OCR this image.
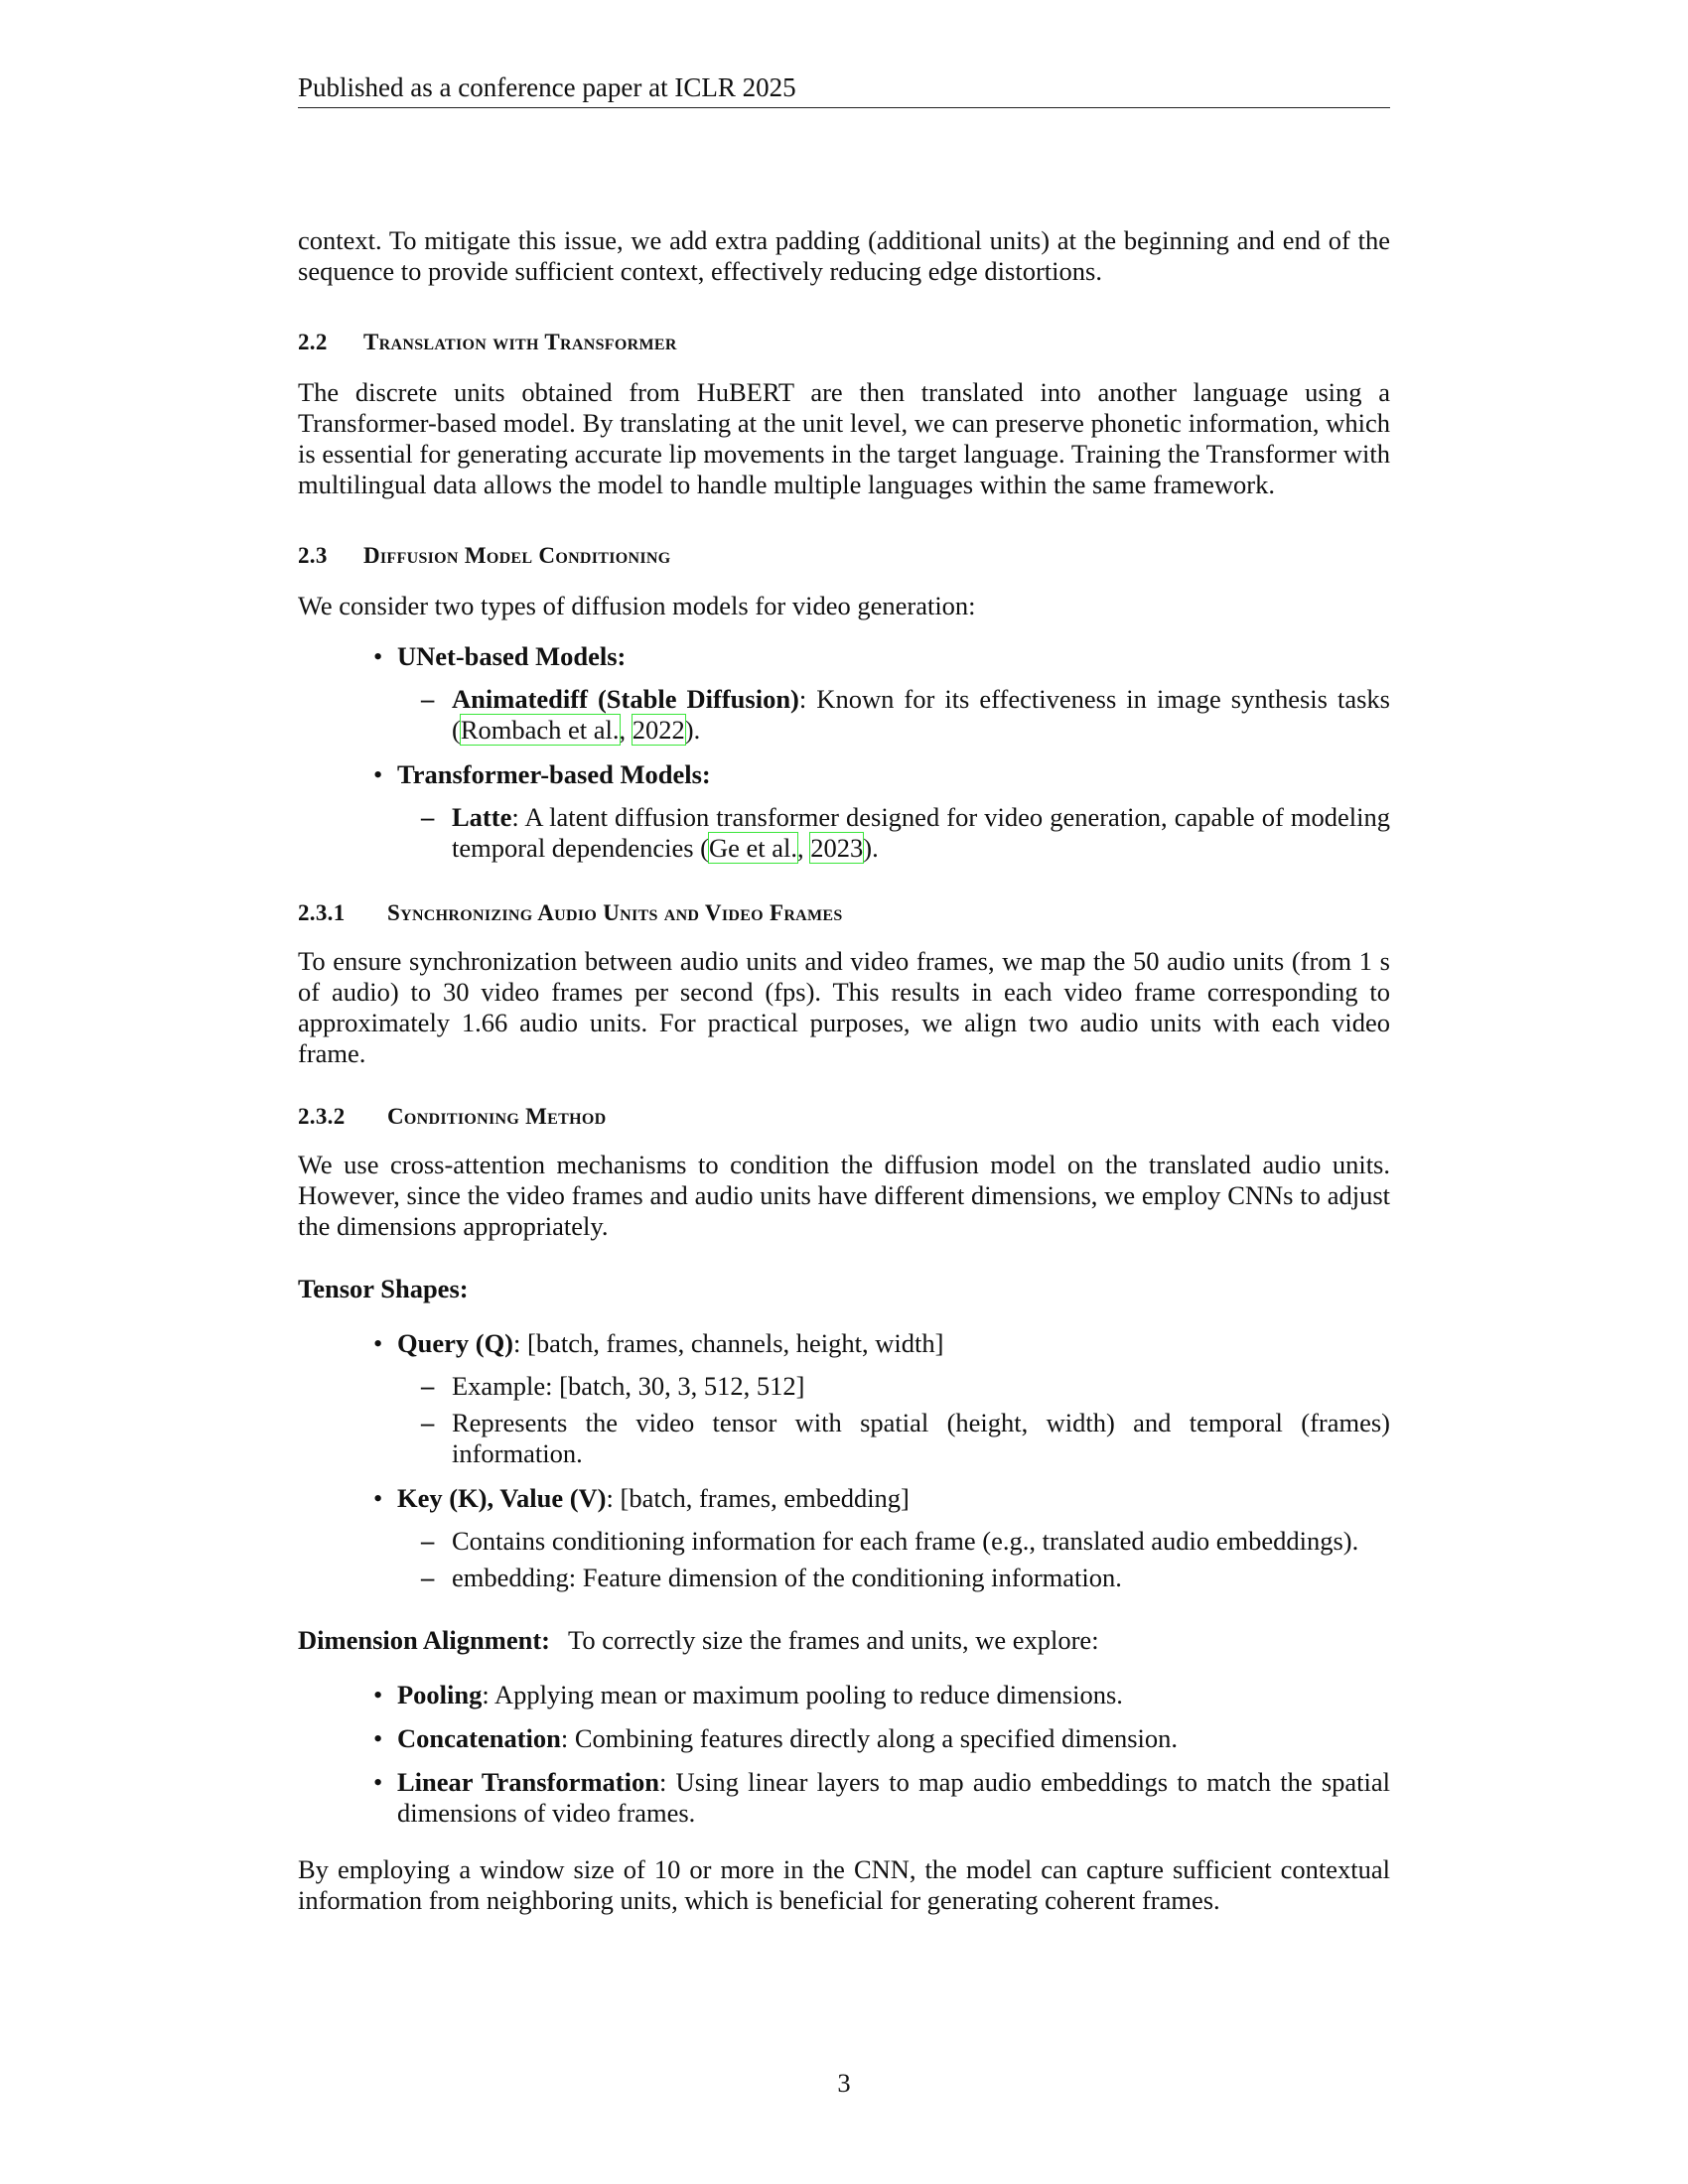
Published as a conference paper at ICLR 2025

context. To mitigate this issue, we add extra padding (additional units) at the beginning and end of the sequence to provide sufficient context, effectively reducing edge distortions.

2.2 Translation with Transformer

The discrete units obtained from HuBERT are then translated into another language using a Transformer-based model. By translating at the unit level, we can preserve phonetic information, which is essential for generating accurate lip movements in the target language. Training the Transformer with multilingual data allows the model to handle multiple languages within the same framework.

2.3 Diffusion Model Conditioning

We consider two types of diffusion models for video generation:

• UNet-based Models:
– Animatediff (Stable Diffusion): Known for its effectiveness in image synthesis tasks (Rombach et al., 2022).

• Transformer-based Models:
– Latte: A latent diffusion transformer designed for video generation, capable of modeling temporal dependencies (Ge et al., 2023).

2.3.1 Synchronizing Audio Units and Video Frames

To ensure synchronization between audio units and video frames, we map the 50 audio units (from 1 s of audio) to 30 video frames per second (fps). This results in each video frame corresponding to approximately 1.66 audio units. For practical purposes, we align two audio units with each video frame.

2.3.2 Conditioning Method

We use cross-attention mechanisms to condition the diffusion model on the translated audio units. However, since the video frames and audio units have different dimensions, we employ CNNs to adjust the dimensions appropriately.

Tensor Shapes:

• Query (Q): [batch, frames, channels, height, width]
– Example: [batch, 30, 3, 512, 512]
– Represents the video tensor with spatial (height, width) and temporal (frames) information.

• Key (K), Value (V): [batch, frames, embedding]
– Contains conditioning information for each frame (e.g., translated audio embeddings).
– embedding: Feature dimension of the conditioning information.

Dimension Alignment: To correctly size the frames and units, we explore:

• Pooling: Applying mean or maximum pooling to reduce dimensions.
• Concatenation: Combining features directly along a specified dimension.
• Linear Transformation: Using linear layers to map audio embeddings to match the spatial dimensions of video frames.

By employing a window size of 10 or more in the CNN, the model can capture sufficient contextual information from neighboring units, which is beneficial for generating coherent frames.

3
